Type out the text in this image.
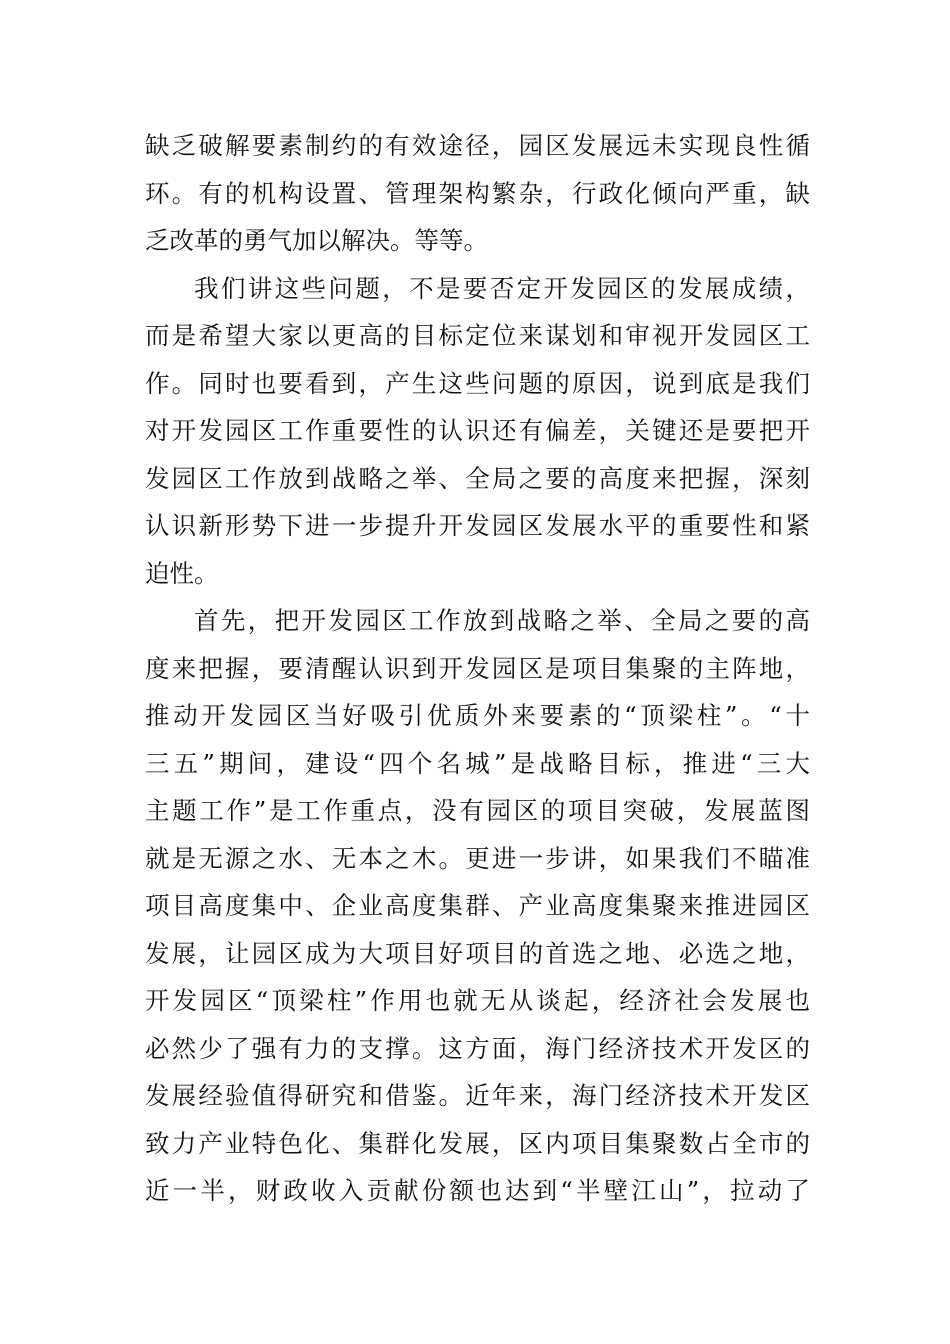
缺乏破解要素制约的有效途径，园区发展远未实现良性循
环。有的机构设置、管理架构繁杂，行政化倾向严重，缺
乏改革的勇气加以解决。等等。
我们讲这些问题，不是要否定开发园区的发展成绩，
而是希望大家以更高的目标定位来谋划和审视开发园区工
作。同时也要看到，产生这些问题的原因，说到底是我们
对开发园区工作重要性的认识还有偏差，关键还是要把开
发园区工作放到战略之举、全局之要的高度来把握，深刻
认识新形势下进一步提升开发园区发展水平的重要性和紧
迫性。
首先，把开发园区工作放到战略之举、全局之要的高
度来把握，要清醒认识到开发园区是项目集聚的主阵地，
推动开发园区当好吸引优质外来要素的“顶梁柱”。“十
三五”期间，建设“四个名城”是战略目标，推进“三大
主题工作”是工作重点，没有园区的项目突破，发展蓝图
就是无源之水、无本之木。更进一步讲，如果我们不瞄准
项目高度集中、企业高度集群、产业高度集聚来推进园区
发展，让园区成为大项目好项目的首选之地、必选之地，
开发园区“顶梁柱”作用也就无从谈起，经济社会发展也
必然少了强有力的支撑。这方面，海门经济技术开发区的
发展经验值得研究和借鉴。近年来，海门经济技术开发区
致力产业特色化、集群化发展，区内项目集聚数占全市的
近一半，财政收入贡献份额也达到“半壁江山”，拉动了
